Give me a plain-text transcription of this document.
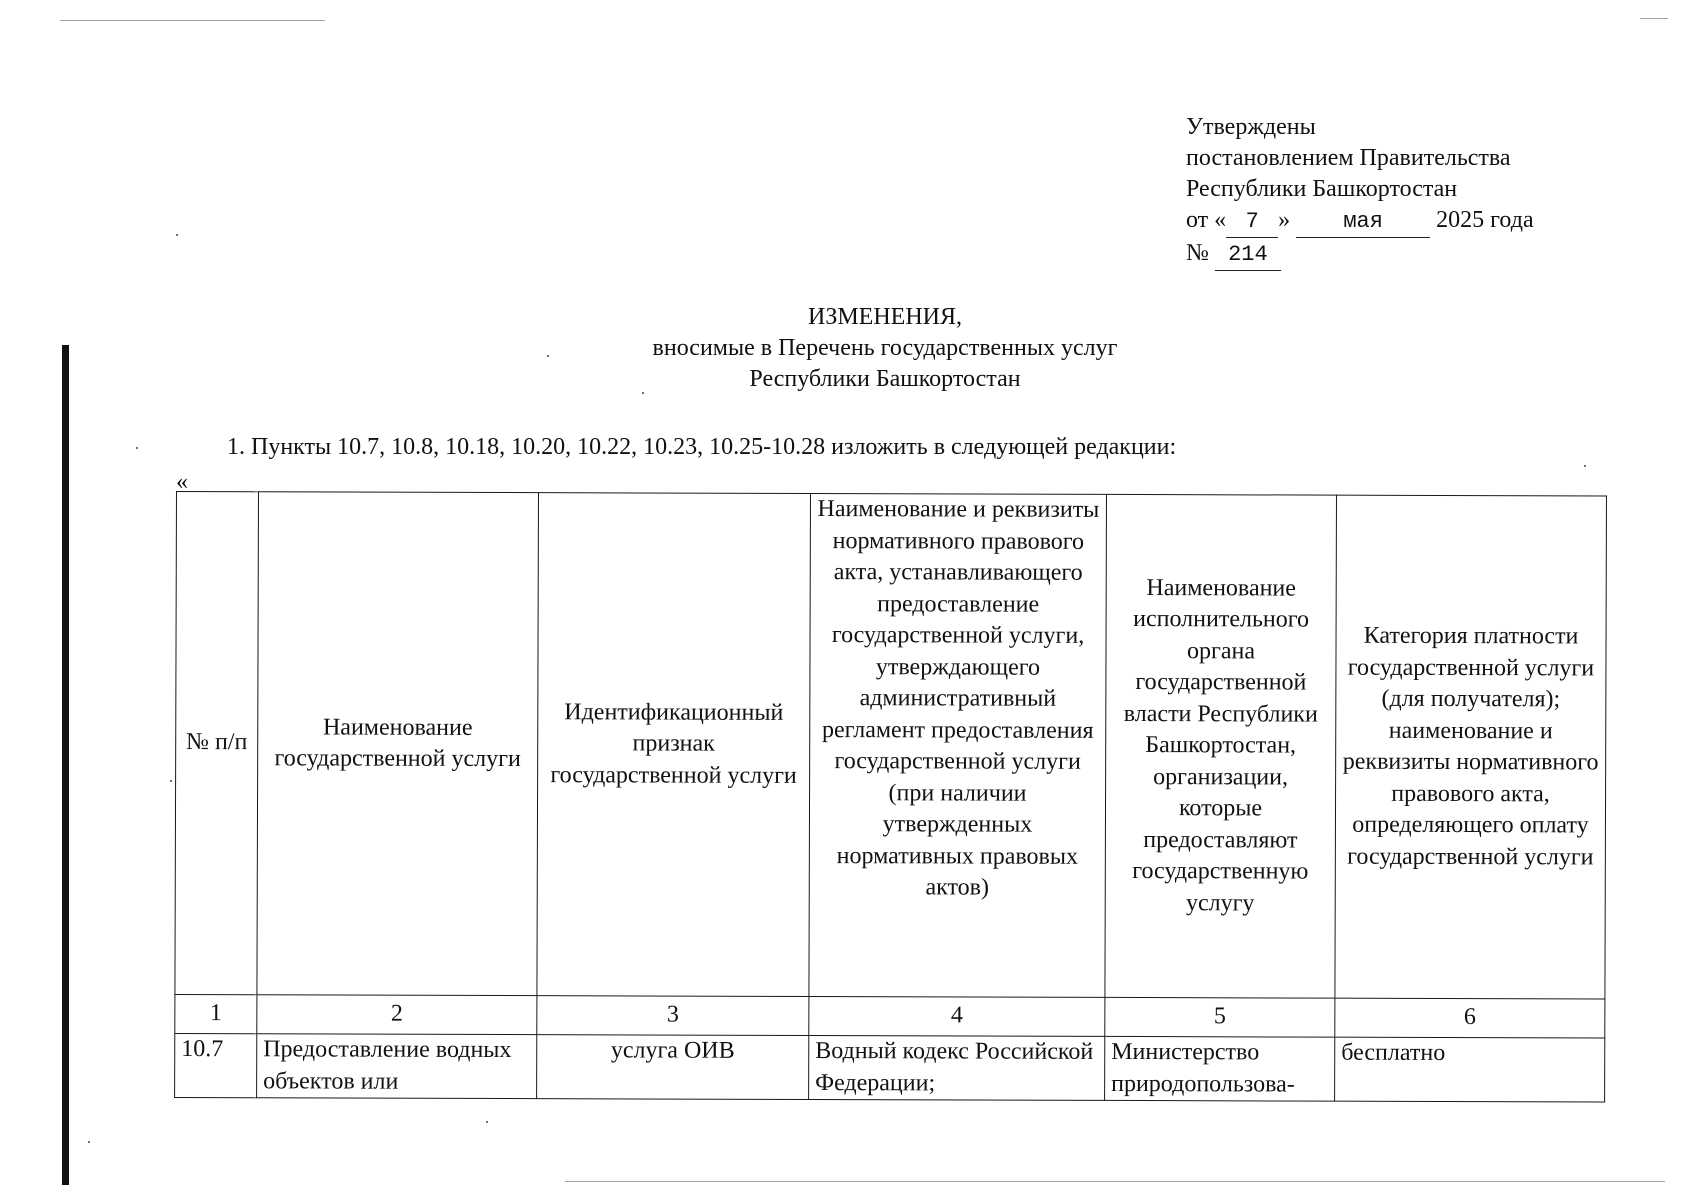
Утверждены
постановлением Правительства
Республики Башкортостан
от « 7 » мая 2025 года
№ 214
ИЗМЕНЕНИЯ,
вносимые в Перечень государственных услуг
Республики Башкортостан
1. Пункты 10.7, 10.8, 10.18, 10.20, 10.22, 10.23, 10.25-10.28 изложить в следующей редакции:
«
№ п/п	Наименование государственной услуги	Идентификационный признак государственной услуги	Наименование и реквизиты нормативного правового акта, устанавливающего предоставление государственной услуги, утверждающего административный регламент предоставления государственной услуги (при наличии утвержденных нормативных правовых актов)	Наименование исполнительного органа государственной власти Республики Башкортостан, организации, которые предоставляют государственную услугу	Категория платности государственной услуги (для получателя); наименование и реквизиты нормативного правового акта, определяющего оплату государственной услуги
1	2	3	4	5	6
10.7	Предоставление водных объектов или	услуга ОИВ	Водный кодекс Российской Федерации;	Министерство природопользова-	бесплатно
